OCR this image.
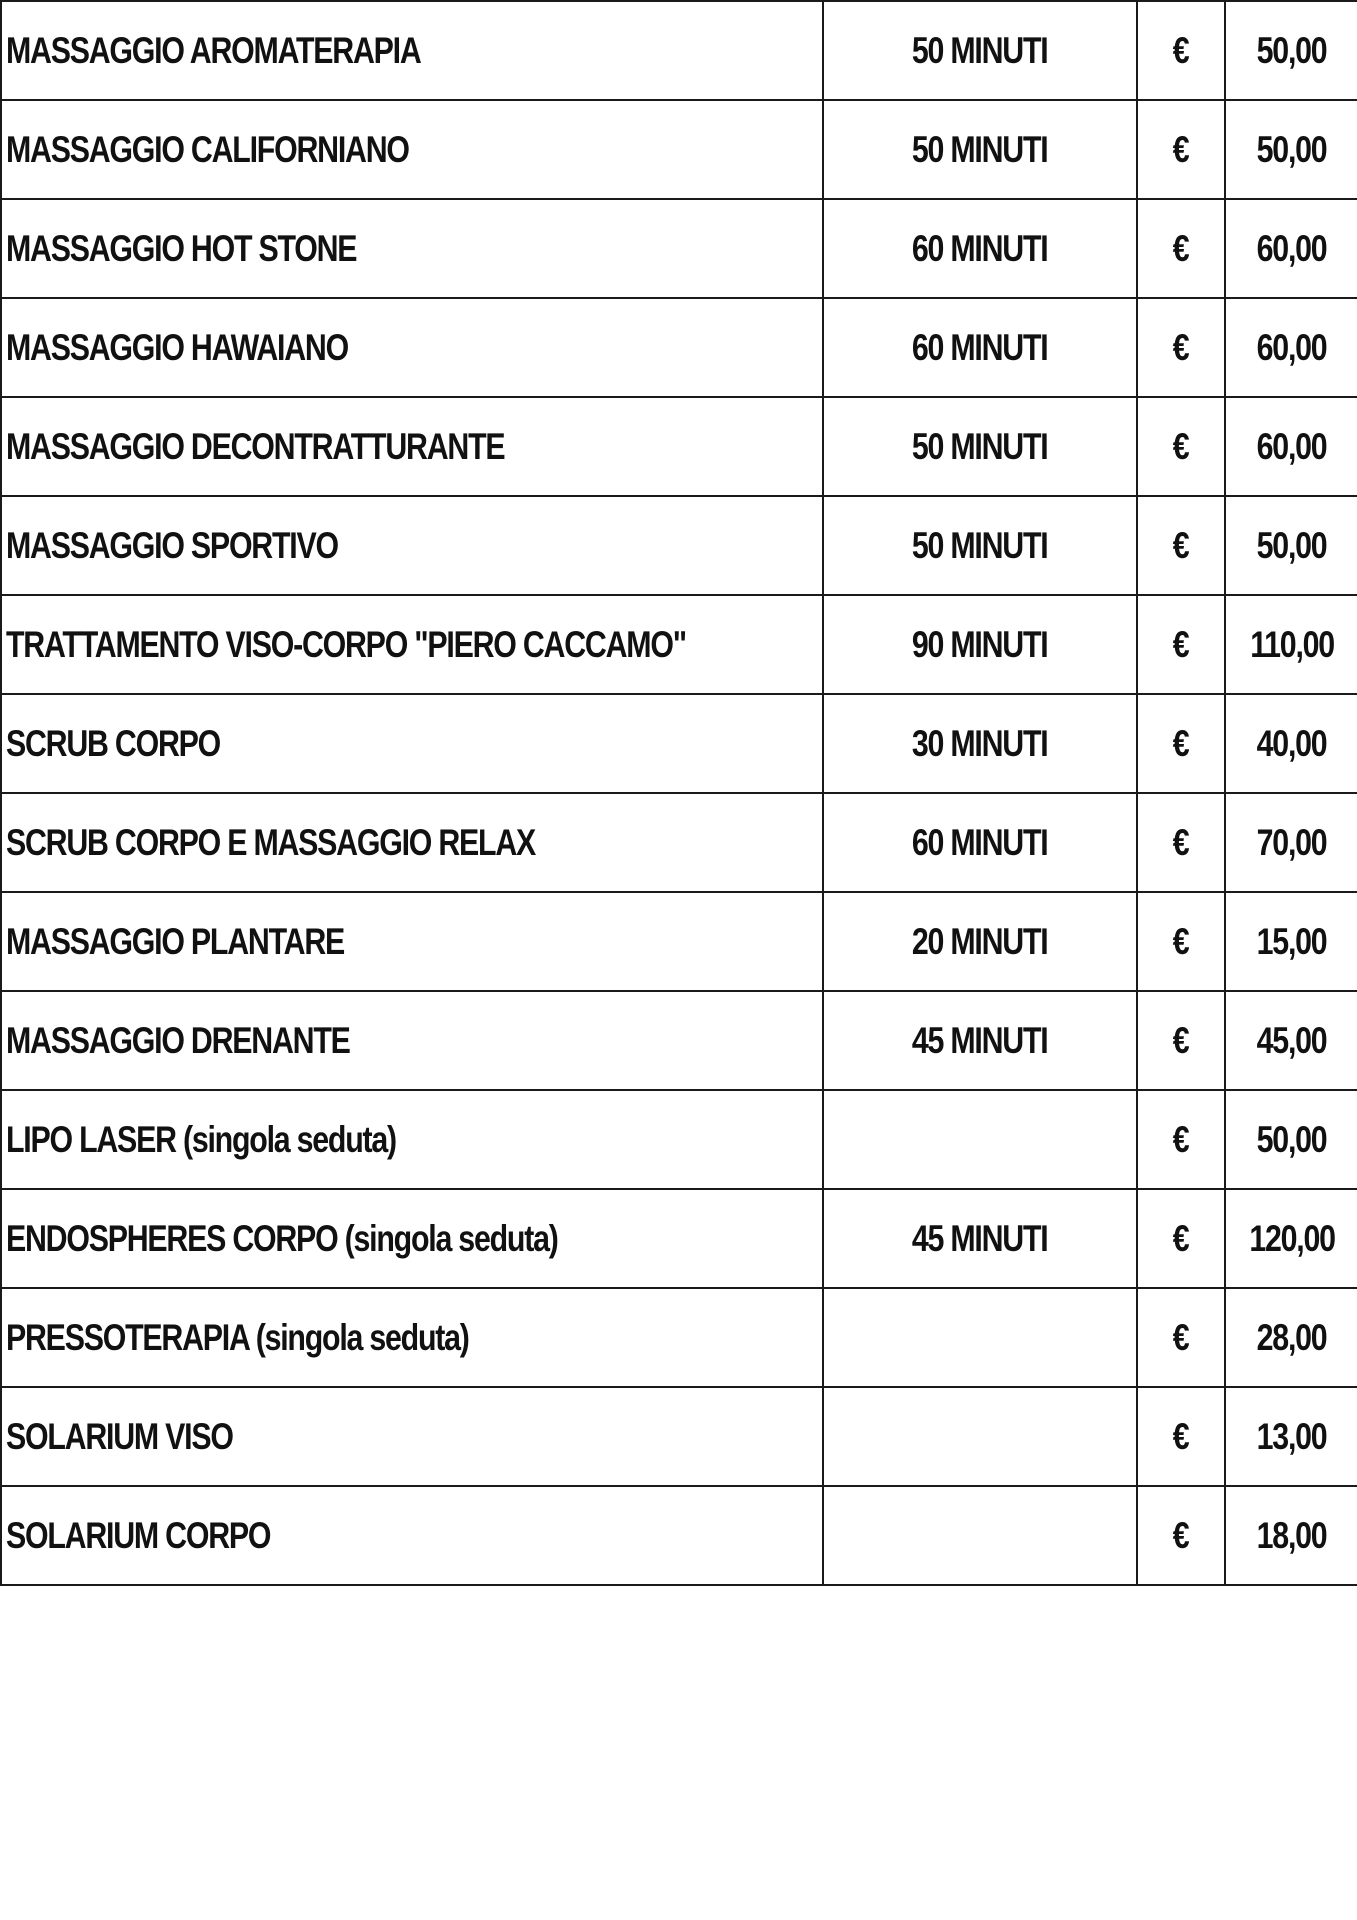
MASSAGGIO AROMATERAPIA	50 MINUTI	€	50,00
MASSAGGIO CALIFORNIANO	50 MINUTI	€	50,00
MASSAGGIO HOT STONE	60 MINUTI	€	60,00
MASSAGGIO HAWAIANO	60 MINUTI	€	60,00
MASSAGGIO DECONTRATTURANTE	50 MINUTI	€	60,00
MASSAGGIO SPORTIVO	50 MINUTI	€	50,00
TRATTAMENTO VISO-CORPO "PIERO CACCAMO"	90 MINUTI	€	110,00
SCRUB CORPO	30 MINUTI	€	40,00
SCRUB CORPO E MASSAGGIO RELAX	60 MINUTI	€	70,00
MASSAGGIO PLANTARE	20 MINUTI	€	15,00
MASSAGGIO DRENANTE	45 MINUTI	€	45,00
LIPO LASER (singola seduta)		€	50,00
ENDOSPHERES CORPO (singola seduta)	45 MINUTI	€	120,00
PRESSOTERAPIA (singola seduta)		€	28,00
SOLARIUM VISO		€	13,00
SOLARIUM CORPO		€	18,00
